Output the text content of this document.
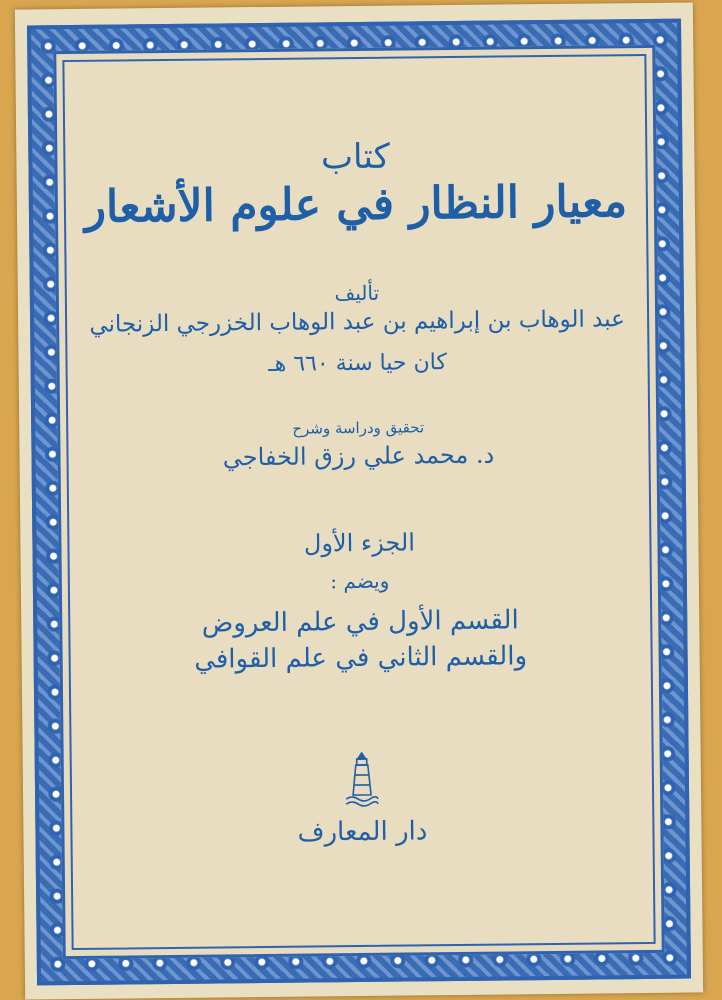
كتاب
معيار النظار في علوم الأشعار
تأليف
عبد الوهاب بن إبراهيم بن عبد الوهاب الخزرجي الزنجاني
كان حيا سنة ٦٦٠ هـ
تحقيق ودراسة وشرح
د. محمد علي رزق الخفاجي
الجزء الأول
ويضم :
القسم الأول في علم العروض
والقسم الثاني في علم القوافي
دار المعارف
